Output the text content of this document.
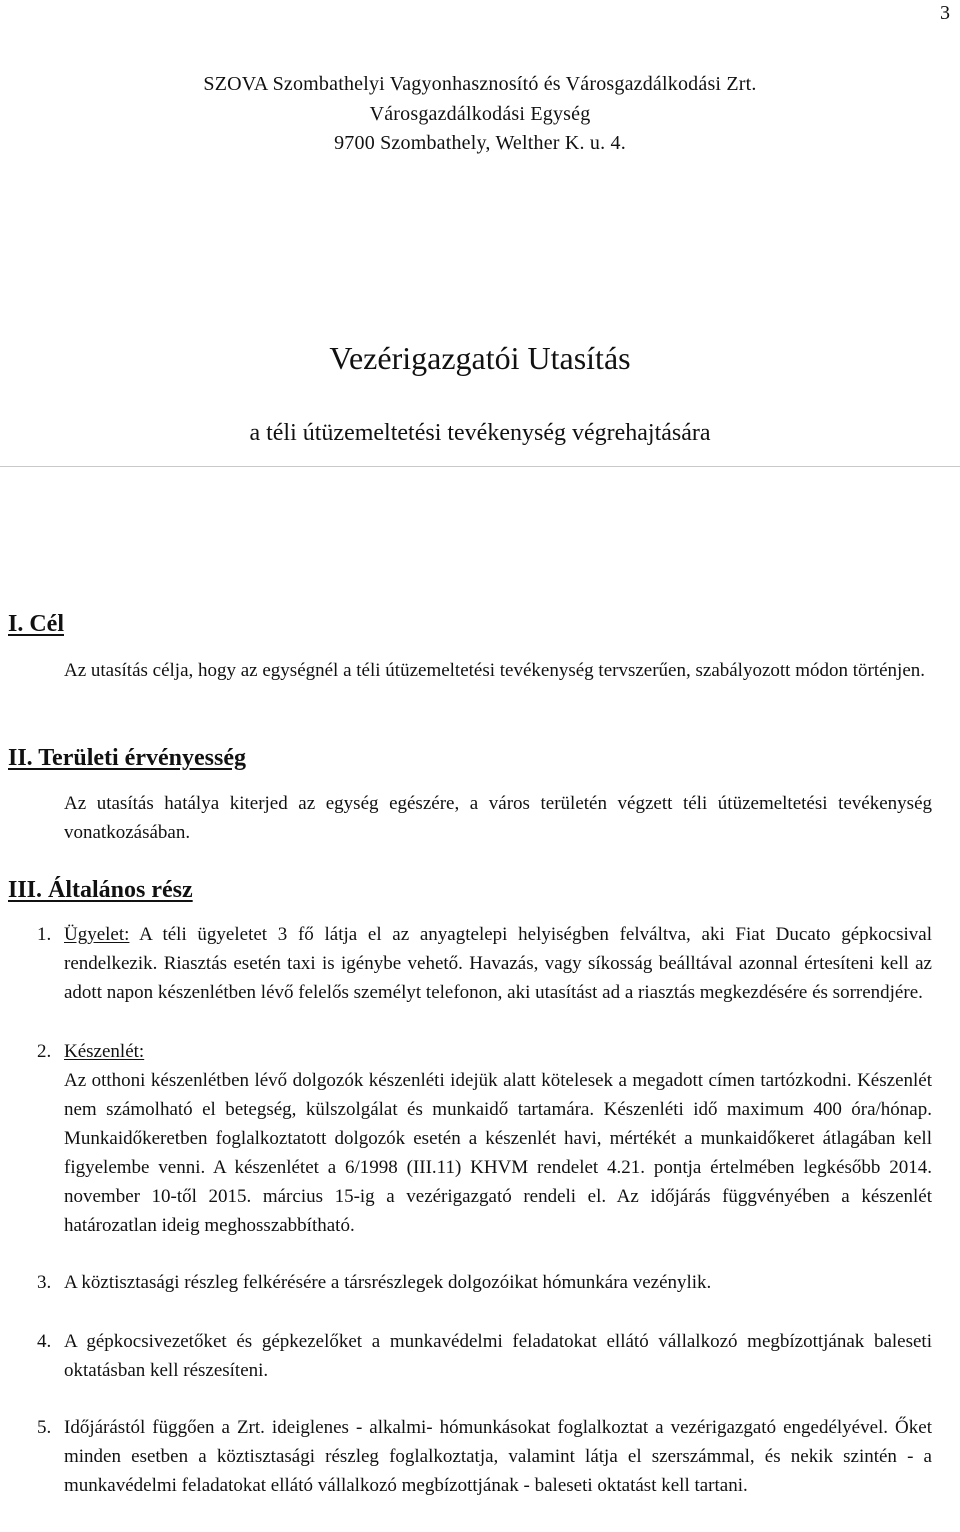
3
SZOVA Szombathelyi Vagyonhasznosító és Városgazdálkodási Zrt.
Városgazdálkodási Egység
9700 Szombathely, Welther K. u. 4.
Vezérigazgatói Utasítás
a téli útüzemeltetési tevékenység végrehajtására
I. Cél
Az utasítás célja, hogy az egységnél a téli útüzemeltetési tevékenység tervszerűen, szabályozott módon történjen.
II. Területi érvényesség
Az utasítás hatálya kiterjed az egység egészére, a város területén végzett téli útüzemeltetési tevékenység vonatkozásában.
III. Általános rész
1. Ügyelet: A téli ügyeletet 3 fő látja el az anyagtelepi helyiségben felváltva, aki Fiat Ducato gépkocsival rendelkezik. Riasztás esetén taxi is igénybe vehető. Havazás, vagy síkosság beálltával azonnal értesíteni kell az adott napon készenlétben lévő felelős személyt telefonon, aki utasítást ad a riasztás megkezdésére és sorrendjére.
2. Készenlét:
Az otthoni készenlétben lévő dolgozók készenléti idejük alatt kötelesek a megadott címen tartózkodni. Készenlét nem számolható el betegség, külszolgálat és munkaidő tartamára. Készenléti idő maximum 400 óra/hónap. Munkaidőkeretben foglalkoztatott dolgozók esetén a készenlét havi, mértékét a munkaidőkeret átlagában kell figyelembe venni. A készenlétet a 6/1998 (III.11) KHVM rendelet 4.21. pontja értelmében legkésőbb 2014. november 10-től 2015. március 15-ig a vezérigazgató rendeli el. Az időjárás függvényében a készenlét határozatlan ideig meghosszabbítható.
3. A köztisztasági részleg felkérésére a társrészlegek dolgozóikat hómunkára vezénylik.
4. A gépkocsivezetőket és gépkezelőket a munkavédelmi feladatokat ellátó vállalkozó megbízottjának baleseti oktatásban kell részesíteni.
5. Időjárástól függően a Zrt. ideiglenes - alkalmi- hómunkásokat foglalkoztat a vezérigazgató engedélyével. Őket minden esetben a köztisztasági részleg foglalkoztatja, valamint látja el szerszámmal, és nekik szintén - a munkavédelmi feladatokat ellátó vállalkozó megbízottjának - baleseti oktatást kell tartani.
